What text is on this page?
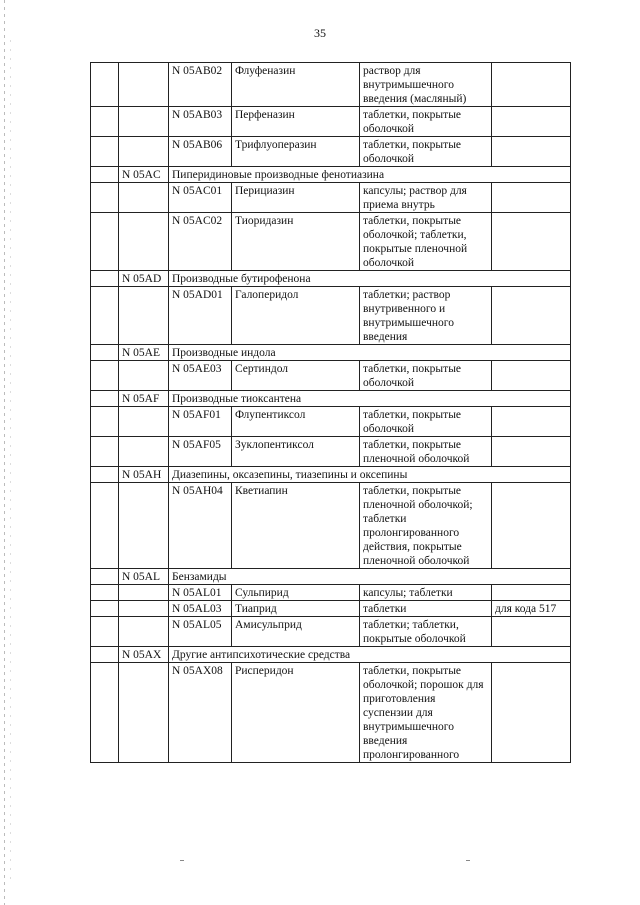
35
		N 05AB02	Флуфеназин	раствор для внутримышечного введения (масляный)	
		N 05AB03	Перфеназин	таблетки, покрытые оболочкой	
		N 05AB06	Трифлуоперазин	таблетки, покрытые оболочкой	
	N 05AC	Пиперидиновые производные фенотиазина			
		N 05AC01	Перициазин	капсулы; раствор для приема внутрь	
		N 05AC02	Тиоридазин	таблетки, покрытые оболочкой; таблетки, покрытые пленочной оболочкой	
	N 05AD	Производные бутирофенона			
		N 05AD01	Галоперидол	таблетки; раствор внутривенного и внутримышечного введения	
	N 05AE	Производные индола			
		N 05AE03	Сертиндол	таблетки, покрытые оболочкой	
	N 05AF	Производные тиоксантена			
		N 05AF01	Флупентиксол	таблетки, покрытые оболочкой	
		N 05AF05	Зуклопентиксол	таблетки, покрытые пленочной оболочкой	
	N 05AH	Диазепины, оксазепины, тиазепины и оксепины			
		N 05AH04	Кветиапин	таблетки, покрытые пленочной оболочкой; таблетки пролонгированного действия, покрытые пленочной оболочкой	
	N 05AL	Бензамиды			
		N 05AL01	Сульпирид	капсулы; таблетки	
		N 05AL03	Тиаприд	таблетки	для кода 517
		N 05AL05	Амисульприд	таблетки; таблетки, покрытые оболочкой	
	N 05AX	Другие антипсихотические средства			
		N 05AX08	Рисперидон	таблетки, покрытые оболочкой; порошок для приготовления суспензии для внутримышечного введения пролонгированного	
